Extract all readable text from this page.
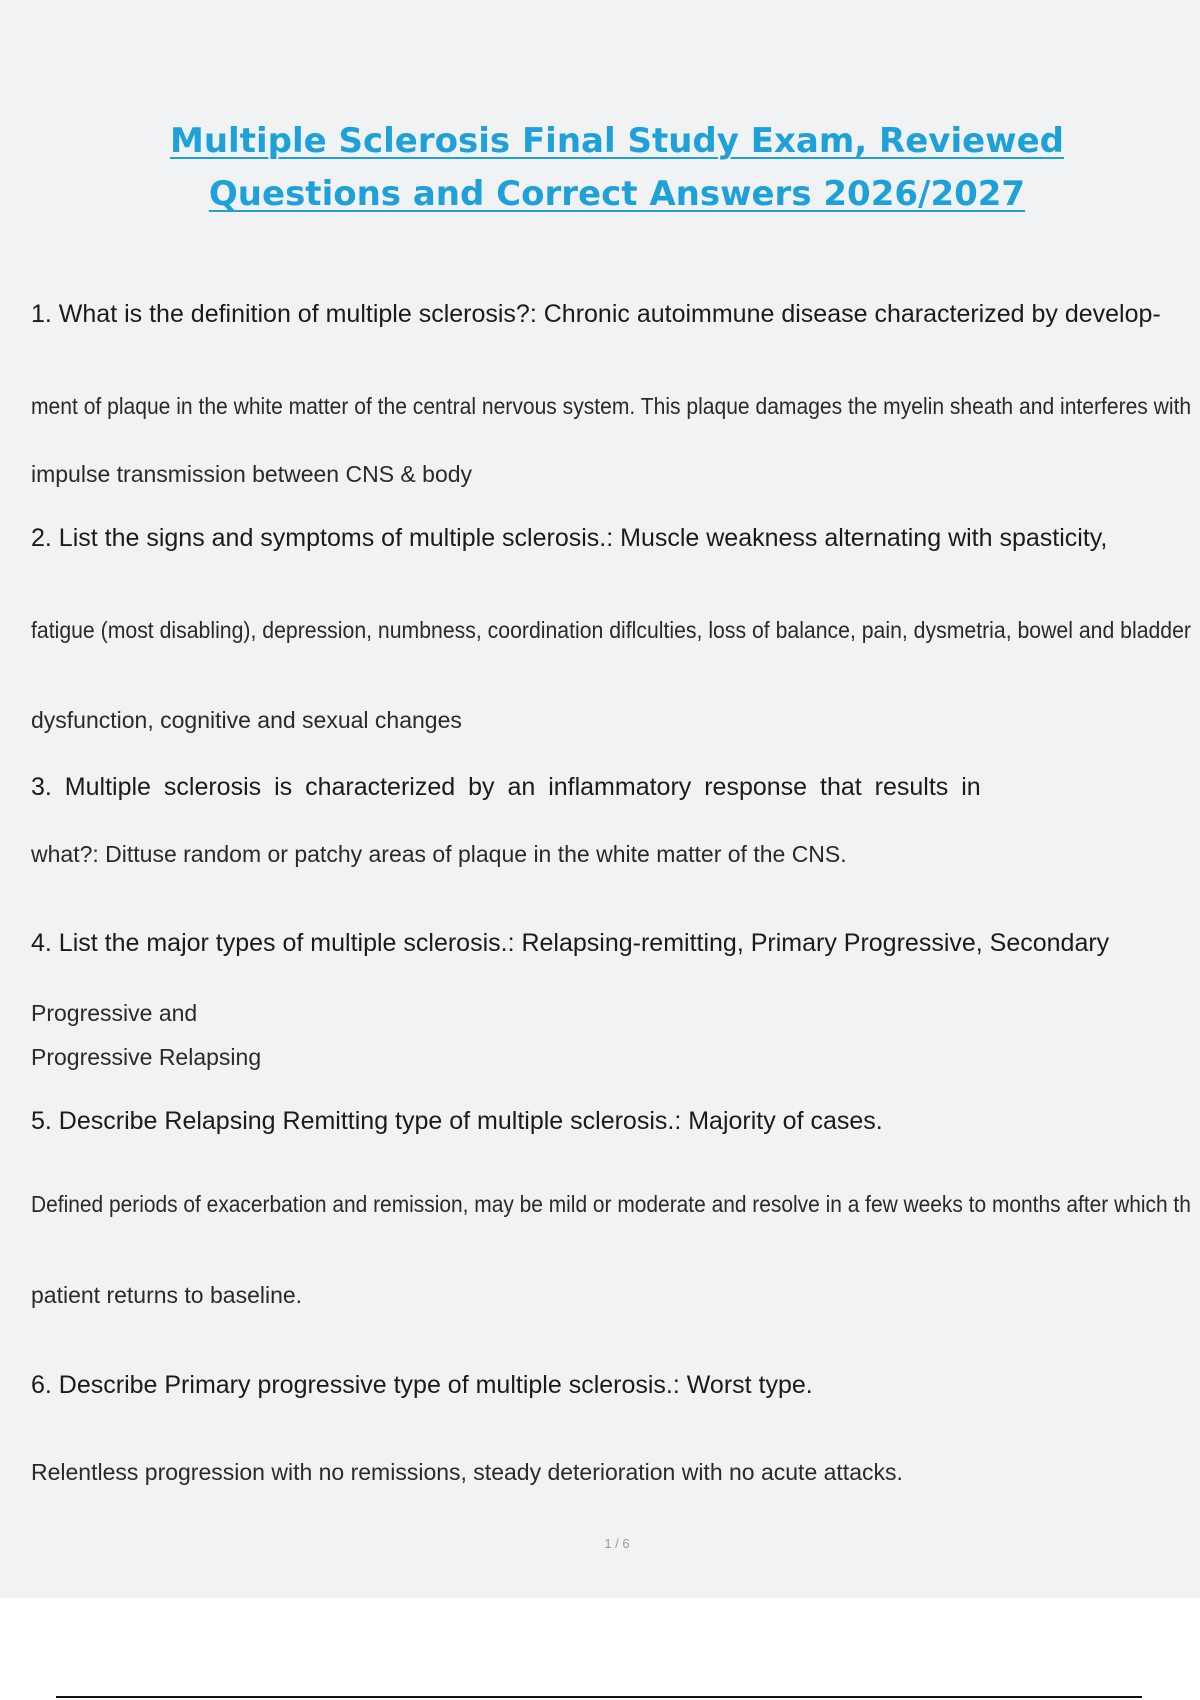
Multiple Sclerosis Final Study Exam, Reviewed
Questions and Correct Answers 2026/2027
1. What is the definition of multiple sclerosis?: Chronic autoimmune disease characterized by develop-
ment of plaque in the white matter of the central nervous system. This plaque damages the myelin sheath and interferes with
impulse transmission between CNS & body
2. List the signs and symptoms of multiple sclerosis.: Muscle weakness alternating with spasticity,
fatigue (most disabling), depression, numbness, coordination diflculties, loss of balance, pain, dysmetria, bowel and bladder
dysfunction, cognitive and sexual changes
3. Multiple sclerosis is characterized by an inflammatory response that results in
what?: Dittuse random or patchy areas of plaque in the white matter of the CNS.
4. List the major types of multiple sclerosis.: Relapsing-remitting, Primary Progressive, Secondary
Progressive and
Progressive Relapsing
5. Describe Relapsing Remitting type of multiple sclerosis.: Majority of cases.
Defined periods of exacerbation and remission, may be mild or moderate and resolve in a few weeks to months after which th
patient returns to baseline.
6. Describe Primary progressive type of multiple sclerosis.: Worst type.
Relentless progression with no remissions, steady deterioration with no acute attacks.
1 / 6
